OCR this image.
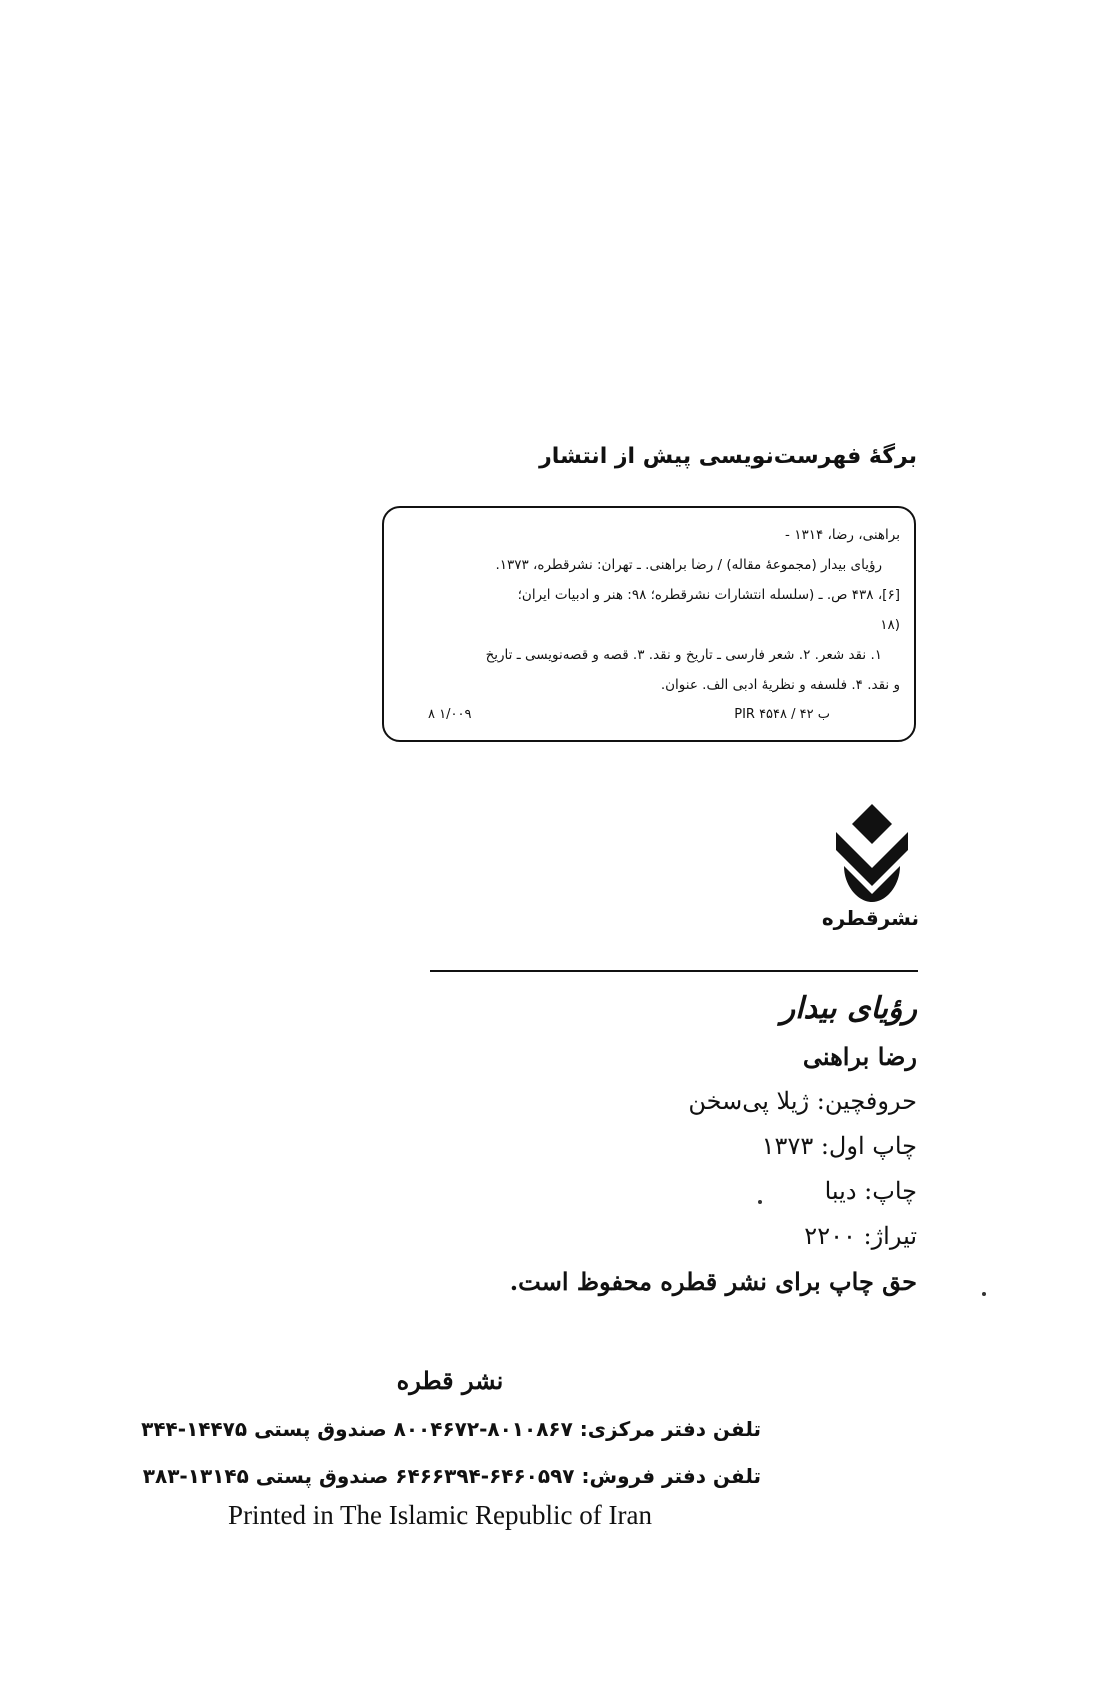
برگهٔ فهرست‌نویسی پیش از انتشار
براهنی، رضا، ۱۳۱۴ -
رؤیای بیدار (مجموعهٔ مقاله) / رضا براهنی. ـ تهران: نشرقطره، ۱۳۷۳.
[۶]، ۴۳۸ ص. ـ (سلسله انتشارات نشرقطره؛ ۹۸: هنر و ادبیات ایران؛
۱۸)
۱. نقد شعر. ۲. شعر فارسی ـ تاریخ و نقد. ۳. قصه و قصه‌نویسی ـ تاریخ
و نقد. ۴. فلسفه و نظریهٔ ادبی الف. عنوان.
۸ ۱/۰۰۹	PIR ۴۵۴۸ / ب ۴۲
نشرقطره
رؤیای بیدار
رضا براهنی
حروفچین: ژیلا پی‌سخن
چاپ اول: ۱۳۷۳
چاپ: دیبا
تیراژ: ۲۲۰۰
حق چاپ برای نشر قطره محفوظ است.
نشر قطره
تلفن دفتر مرکزی: ۸۰۱۰۸۶۷-۸۰۰۴۶۷۲ صندوق پستی ۱۴۴۷۵-۳۴۴
تلفن دفتر فروش: ۶۴۶۰۵۹۷-۶۴۶۶۳۹۴ صندوق پستی ۱۳۱۴۵-۳۸۳
Printed in The Islamic Republic of Iran
